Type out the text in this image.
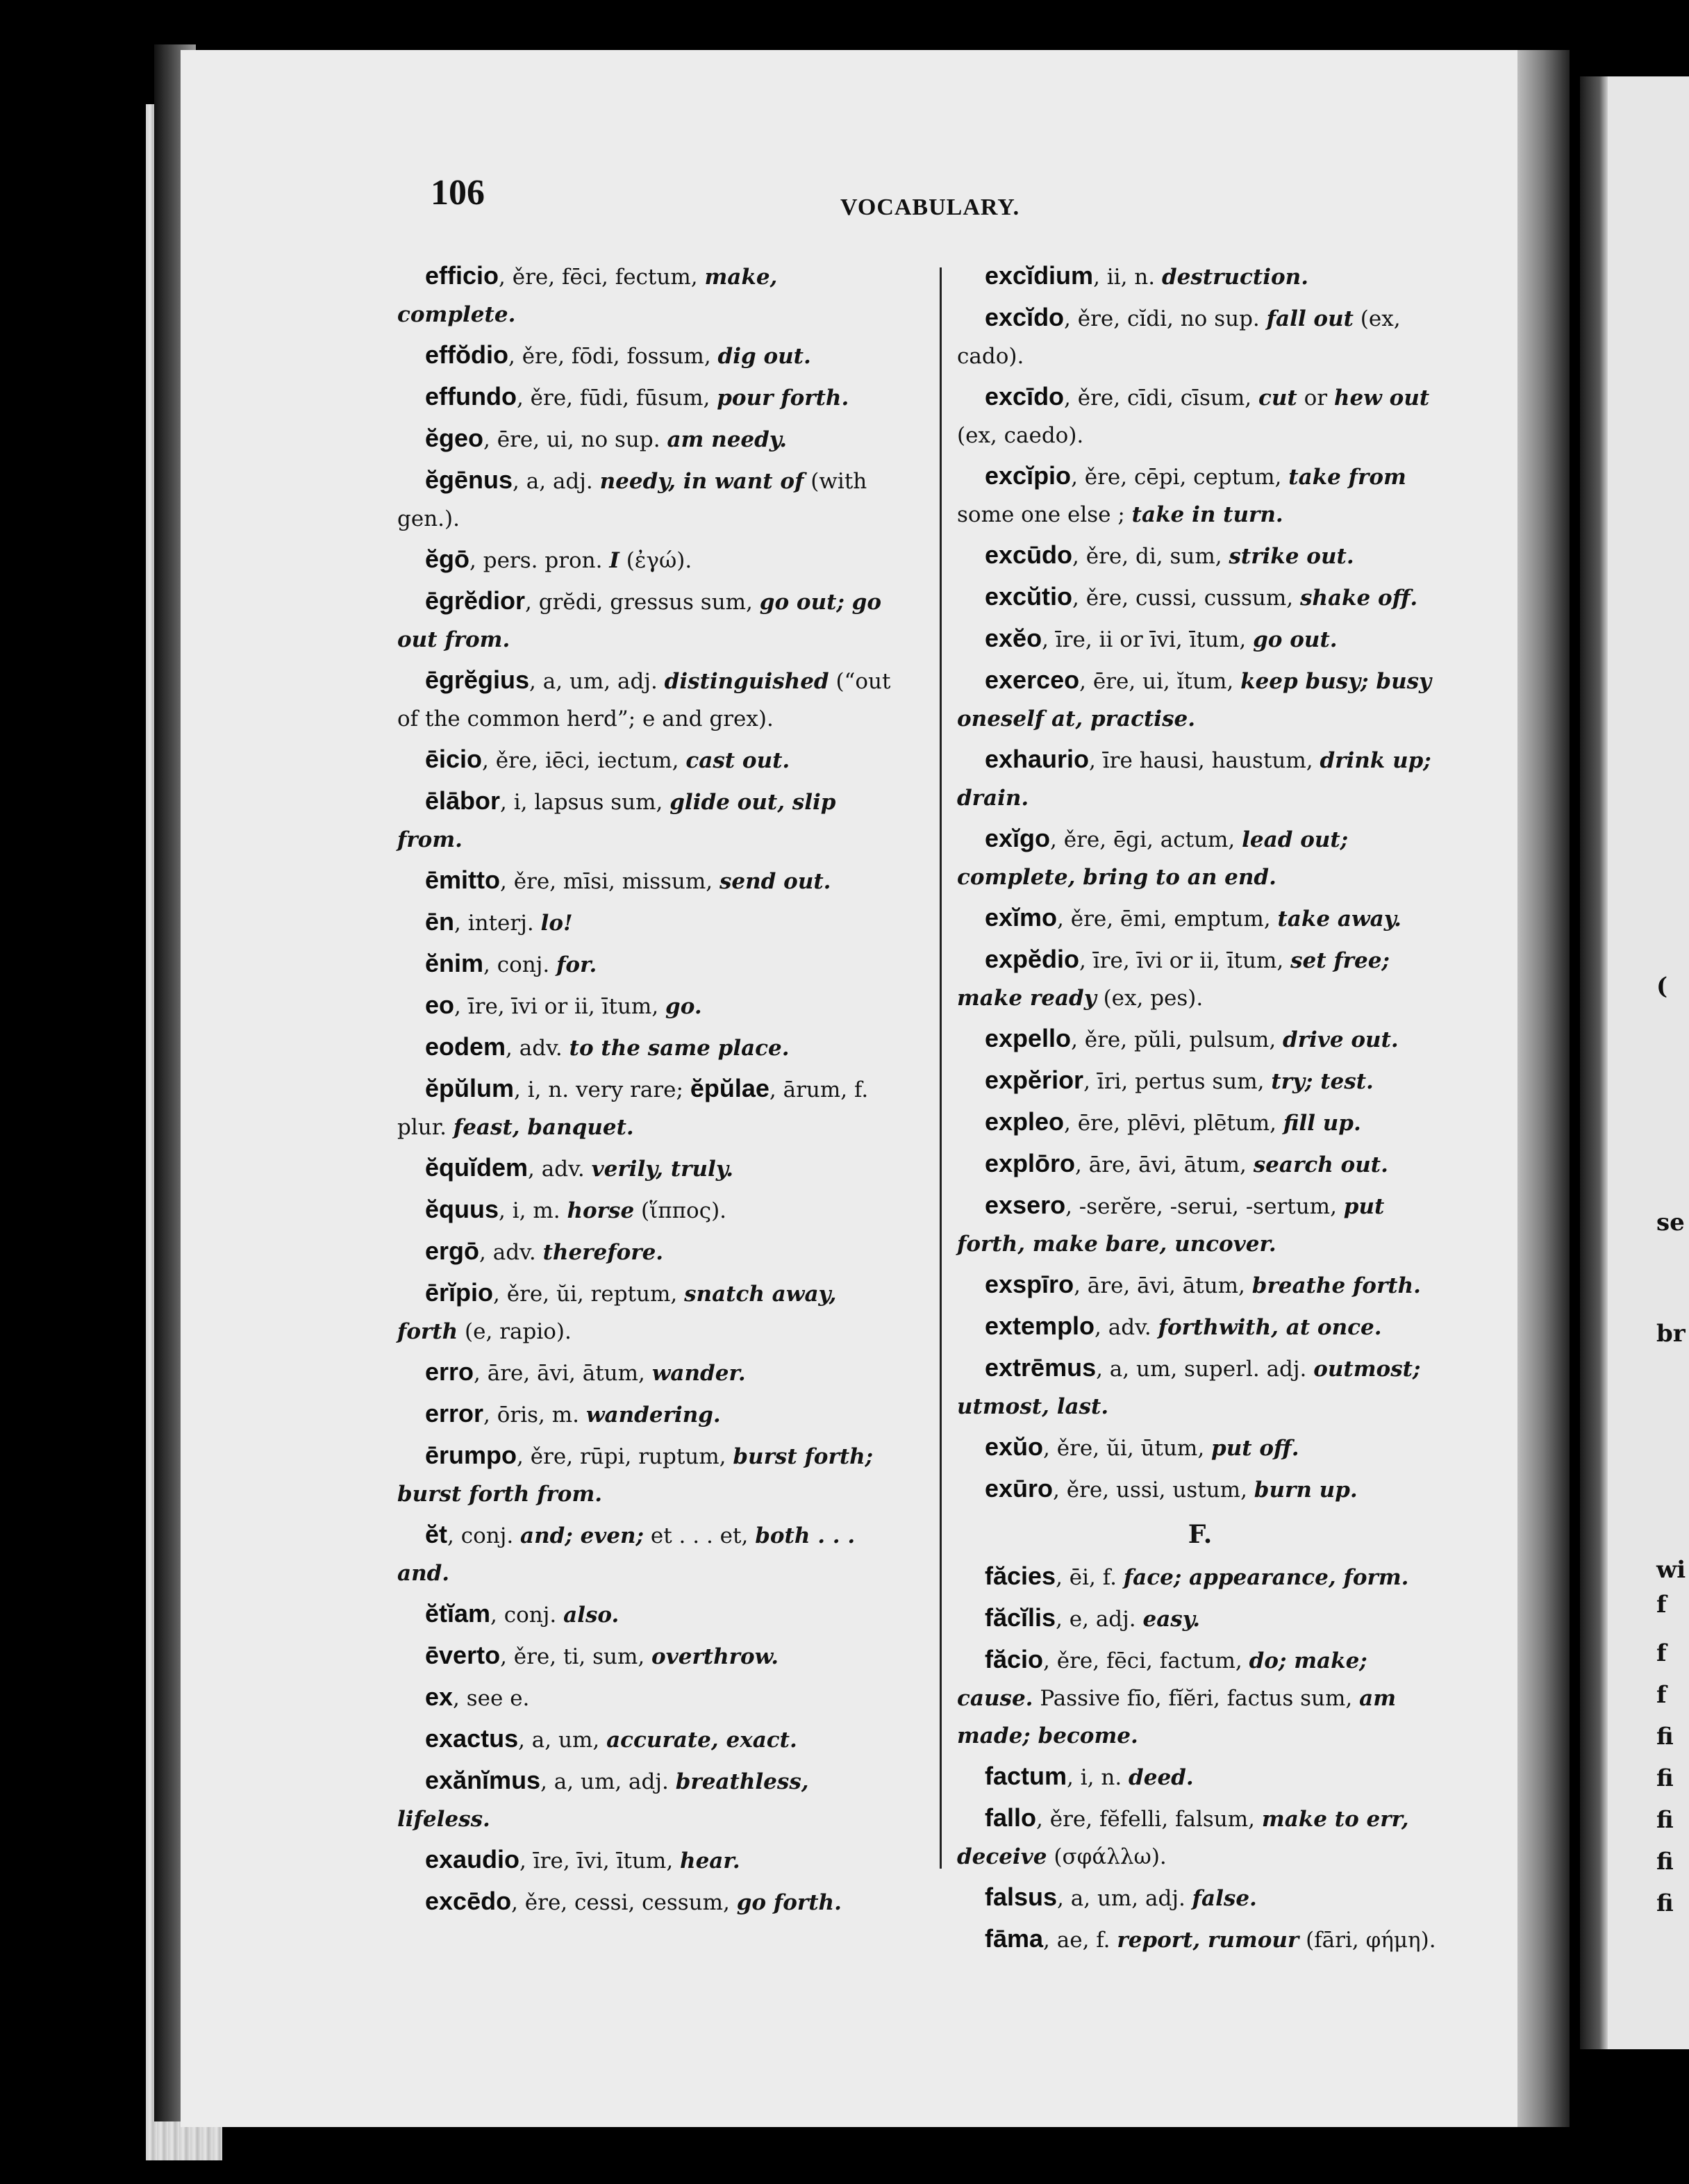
(
se
br
wi
f
f
f
fi
fi
fi
fi
fi
106	VOCABULARY.
efficio, ěre, fēci, fectum, make, complete.
effŏdio, ěre, fōdi, fossum, dig out.
effundo, ěre, fūdi, fūsum, pour forth.
ĕgeo, ēre, ui, no sup. am needy.
ĕgēnus, a, adj. needy, in want of (with gen.).
ĕgō, pers. pron. I (ἐγώ).
ēgrĕdior, grĕdi, gressus sum, go out; go out from.
ēgrĕgius, a, um, adj. distinguished (“out of the common herd”; e and grex).
ēicio, ěre, iēci, iectum, cast out.
ēlābor, i, lapsus sum, glide out, slip from.
ēmitto, ěre, mīsi, missum, send out.
ēn, interj. lo!
ĕnim, conj. for.
eo, īre, īvi or ii, ītum, go.
eodem, adv. to the same place.
ĕpŭlum, i, n. very rare; ĕpŭlae, ārum, f. plur. feast, banquet.
ĕquĭdem, adv. verily, truly.
ĕquus, i, m. horse (ἵππος).
ergō, adv. therefore.
ērĭpio, ěre, ŭi, reptum, snatch away, forth (e, rapio).
erro, āre, āvi, ātum, wander.
error, ōris, m. wandering.
ērumpo, ěre, rūpi, ruptum, burst forth; burst forth from.
ĕt, conj. and; even; et . . . et, both . . . and.
ĕtĭam, conj. also.
ēverto, ěre, ti, sum, overthrow.
ex, see e.
exactus, a, um, accurate, exact.
exănĭmus, a, um, adj. breathless, lifeless.
exaudio, īre, īvi, ītum, hear.
excēdo, ěre, cessi, cessum, go forth.
excĭdium, ii, n. destruction.
excĭdo, ěre, cĭdi, no sup. fall out (ex, cado).
excīdo, ěre, cīdi, cīsum, cut or hew out (ex, caedo).
excĭpio, ěre, cēpi, ceptum, take from some one else ; take in turn.
excūdo, ěre, di, sum, strike out.
excŭtio, ěre, cussi, cussum, shake off.
exĕo, īre, ii or īvi, ītum, go out.
exerceo, ēre, ui, ĭtum, keep busy; busy oneself at, practise.
exhaurio, īre hausi, haustum, drink up; drain.
exĭgo, ěre, ēgi, actum, lead out; complete, bring to an end.
exĭmo, ěre, ēmi, emptum, take away.
expĕdio, īre, īvi or ii, ītum, set free; make ready (ex, pes).
expello, ěre, pŭli, pulsum, drive out.
expĕrior, īri, pertus sum, try; test.
expleo, ēre, plēvi, plētum, fill up.
explōro, āre, āvi, ātum, search out.
exsero, -serĕre, -serui, -sertum, put forth, make bare, uncover.
exspīro, āre, āvi, ātum, breathe forth.
extemplo, adv. forthwith, at once.
extrēmus, a, um, superl. adj. outmost; utmost, last.
exŭo, ěre, ŭi, ūtum, put off.
exūro, ěre, ussi, ustum, burn up.
F.
făcies, ēi, f. face; appearance, form.
făcĭlis, e, adj. easy.
făcio, ěre, fēci, factum, do; make; cause. Passive fīo, fĭĕri, factus sum, am made; become.
factum, i, n. deed.
fallo, ěre, fĕfelli, falsum, make to err, deceive (σφάλλω).
falsus, a, um, adj. false.
fāma, ae, f. report, rumour (fāri, φήμη).
